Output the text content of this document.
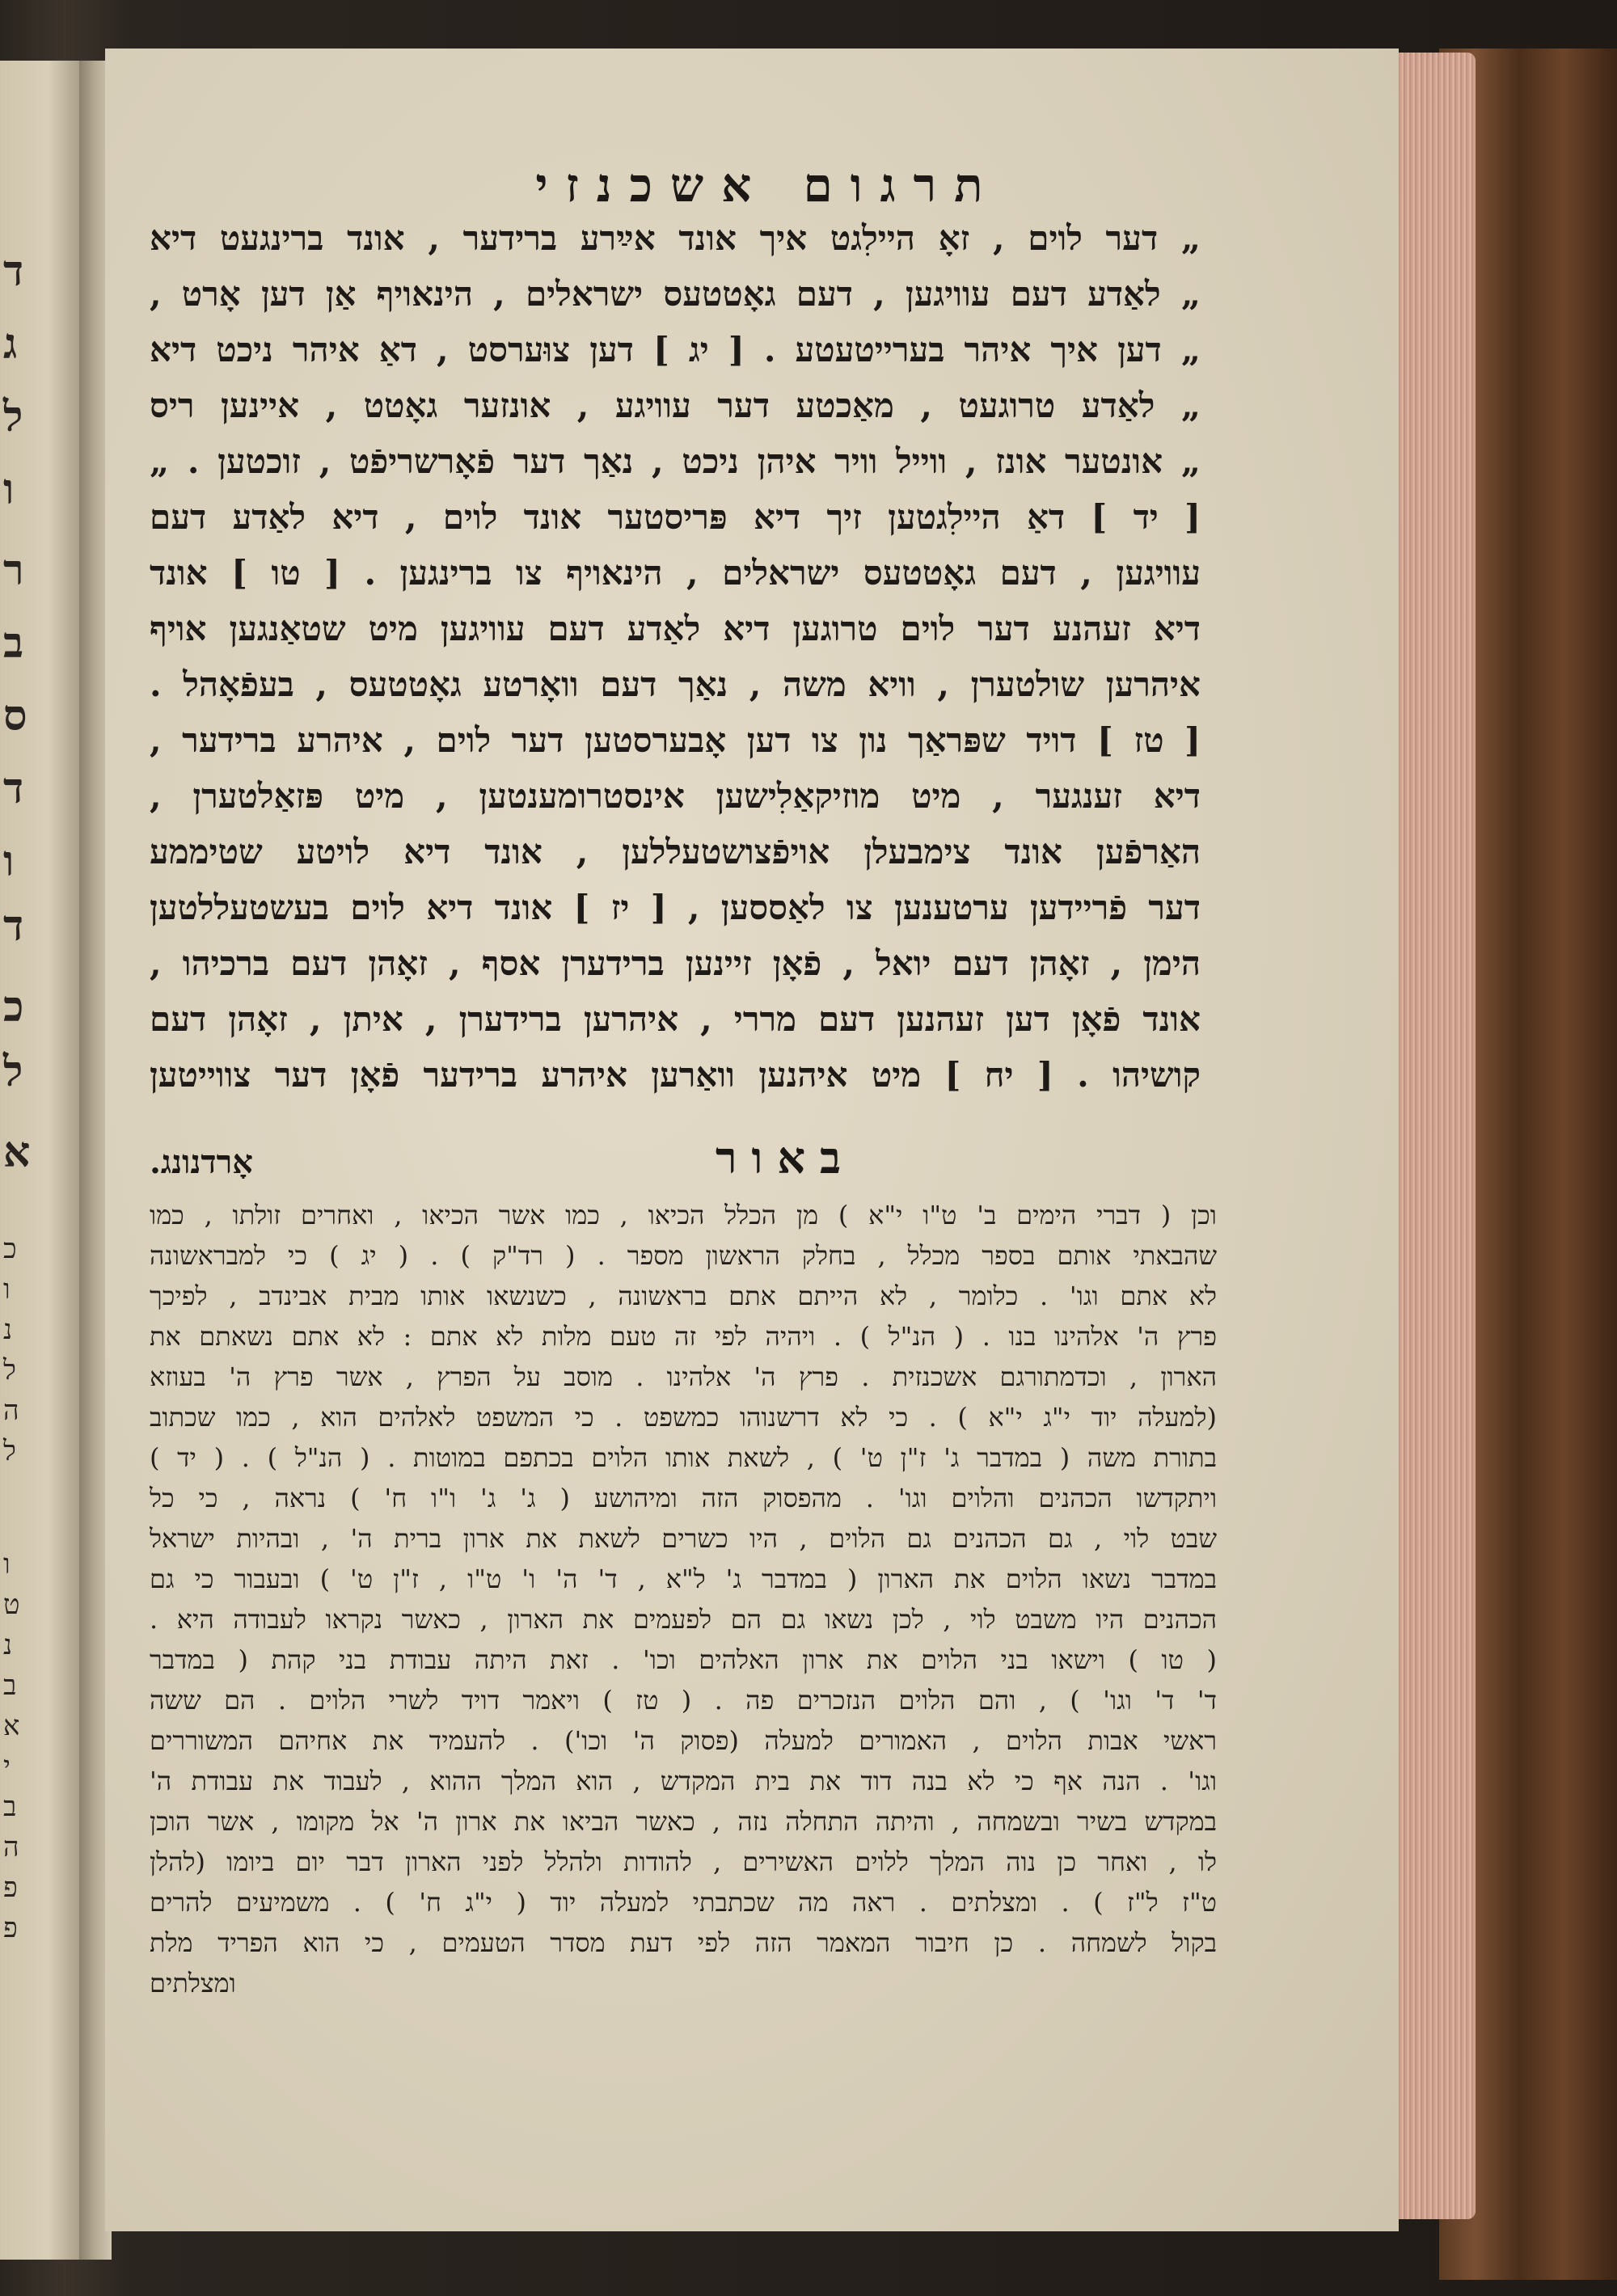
ד
ג
ל
ו
ר
ב
ס
ד
ו
ד
כ
ל
א
כ
ו
נ
ל
ה
ל
ו
ט
נ
ב
א
י
ב
ה
פ
פ
תרגום אשכנזי
„ דער לוים , זאָ היילִגט איך אונד אײַרע ברידער , אונד ברינגעט דיא
„ לאַדע דעם עוויגען , דעם גאָטטעס ישראלים , הינאויף אַן דען אָרט ,
„ דען איך איהר בערייטעטע . [ יג ] דען צוּערסט , דאַ איהר ניכט דיא
„ לאַדע טרוגעט , מאַכטע דער עוויגע , אונזער גאָטט , איינען ריס
„ אונטער אונז , ווייל וויר איהן ניכט , נאַך דער פֿאָרשריפֿט , זוכטען . „
[ יד ] דאַ היילִגטען זיך דיא פּריסטער אונד לוים , דיא לאַדע דעם
עוויגען , דעם גאָטטעס ישראלים , הינאויף צו ברינגען . [ טו ] אונד
דיא זעהנע דער לוים טרוגען דיא לאַדע דעם עוויגען מיט שטאַנגען אויף
איהרען שולטערן , וויא משה , נאַך דעם וואָרטע גאָטטעס , בעפֿאָהל .
[ טז ] דויד שפּראַך נון צו דען אָבערסטען דער לוים , איהרע ברידער ,
דיא זענגער , מיט מוזיקאַלִישען אינסטרומענטען , מיט פּזאַלטערן ,
האַרפֿען אונד צימבעלן אויפֿצושטעללען , אונד דיא לויטע שטיממע
דער פֿריידען ערטענען צו לאַססען , [ יז ] אונד דיא לוים בעשטעללטען
הימן , זאָהן דעם יואל , פֿאָן זיינען ברידערן אסף , זאָהן דעם ברכיהו ,
אונד פֿאָן דען זעהנען דעם מררי , איהרען ברידערן , איתן , זאָהן דעם
קושיהו . [ יח ] מיט איהנען וואַרען איהרע ברידער פֿאָן דער צווייטען
באור
אָרדנונג.
וכן ( דברי הימים ב' ט"ו י"א ) מן הכלל הכיאו , כמו אשר הכיאו , ואחרים זולתו , כמו
שהבאתי אותם בספר מכלל , בחלק הראשון מספר . ( רד"ק ) . ( יג ) כי למבראשונה
לא אתם וגו' . כלומר , לא הייתם אתם בראשונה , כשנשאו אותו מבית אבינדב , לפיכך
פרץ ה' אלהינו בנו . ( הנ"ל ) . ויהיה לפי זה טעם מלות לא אתם : לא אתם נשאתם את
הארון , וכדמתורגם אשכנזית . פרץ ה' אלהינו . מוסב על הפרץ , אשר פרץ ה' בעוזא
(למעלה יוד י"ג י"א ) . כי לא דרשנוהו כמשפט . כי המשפט לאלהים הוא , כמו שכתוב
בתורת משה ( במדבר ג' ז"ן ט' ) , לשאת אותו הלוים בכתפם במוטות . ( הנ"ל ) . ( יד )
ויתקדשו הכהנים והלוים וגו' . מהפסוק הזה ומיהושע ( ג' ג' ו"ו ח' ) נראה , כי כל
שבט לוי , גם הכהנים גם הלוים , היו כשרים לשאת את ארון ברית ה' , ובהיות ישראל
במדבר נשאו הלוים את הארון ( במדבר ג' ל"א , ד' ה' ו' ט"ו , ז"ן ט' ) ובעבור כי גם
הכהנים היו משבט לוי , לכן נשאו גם הם לפעמים את הארון , כאשר נקראו לעבודה היא .
( טו ) וישאו בני הלוים את ארון האלהים וכו' . זאת היתה עבודת בני קהת ( במדבר
ד' ד' וגו' ) , והם הלוים הנזכרים פה . ( טז ) ויאמר דויד לשרי הלוים . הם ששה
ראשי אבות הלוים , האמורים למעלה (פסוק ה' וכו') . להעמיד את אחיהם המשוררים
וגו' . הנה אף כי לא בנה דוד את בית המקדש , הוא המלך ההוא , לעבוד את עבודת ה'
במקדש בשיר ובשמחה , והיתה התחלה נזה , כאשר הביאו את ארון ה' אל מקומו , אשר הוכן
לו , ואחר כן נוה המלך ללוים האשירים , להודות ולהלל לפני הארון דבר יום ביומו (להלן
ט"ז ל"ז ) . ומצלתים . ראה מה שכתבתי למעלה יוד ( י"ג ח' ) . משמיעים להרים
בקול לשמחה . כן חיבור המאמר הזה לפי דעת מסדר הטעמים , כי הוא הפריד מלת
ומצלתים
